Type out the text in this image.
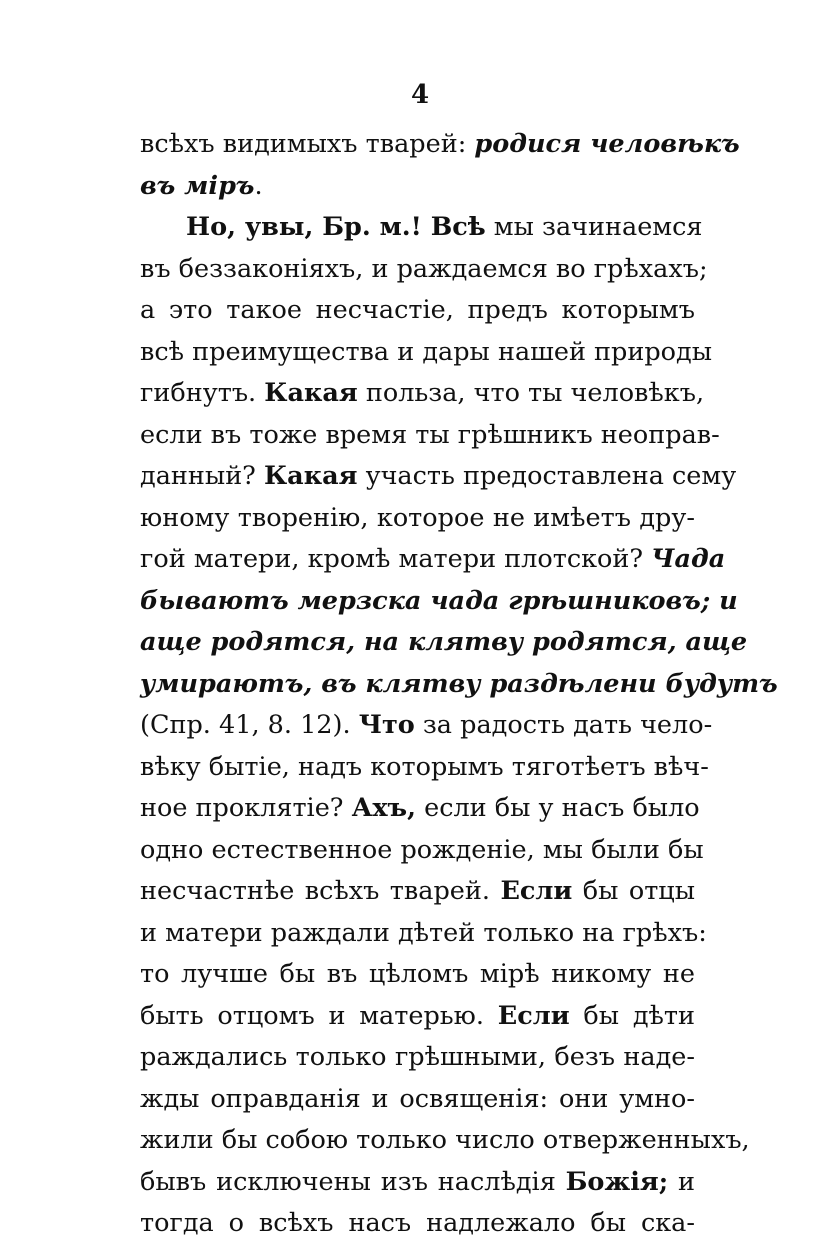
4
всѣхъ видимыхъ тварей: родися человѣкъ
въ міръ.
Но, увы, Бр. м.! Всѣ мы зачинаемся
въ беззаконіяхъ, и раждаемся во грѣхахъ;
а это такое несчастіе, предъ которымъ
всѣ преимущества и дары нашей природы
гибнутъ. Какая польза, что ты человѣкъ,
если въ тоже время ты грѣшникъ неоправ-
данный? Какая участь предоставлена сему
юному творенію, которое не имѣетъ дру-
гой матери, кромѣ матери плотской? Чада
бываютъ мерзска чада грѣшниковъ; и
аще родятся, на клятву родятся, аще
умираютъ, въ клятву раздѣлени будутъ
(Спр. 41, 8. 12). Что за радость дать чело-
вѣку бытіе, надъ которымъ тяготѣетъ вѣч-
ное проклятіе? Ахъ, если бы у насъ было
одно естественное рожденіе, мы были бы
несчастнѣе всѣхъ тварей. Если бы отцы
и матери раждали дѣтей только на грѣхъ:
то лучше бы въ цѣломъ мірѣ никому не
быть отцомъ и матерью. Если бы дѣти
раждались только грѣшными, безъ наде-
жды оправданія и освященія: они умно-
жили бы собою только число отверженныхъ,
бывъ исключены изъ наслѣдія Божія; и
тогда о всѣхъ насъ надлежало бы ска-
